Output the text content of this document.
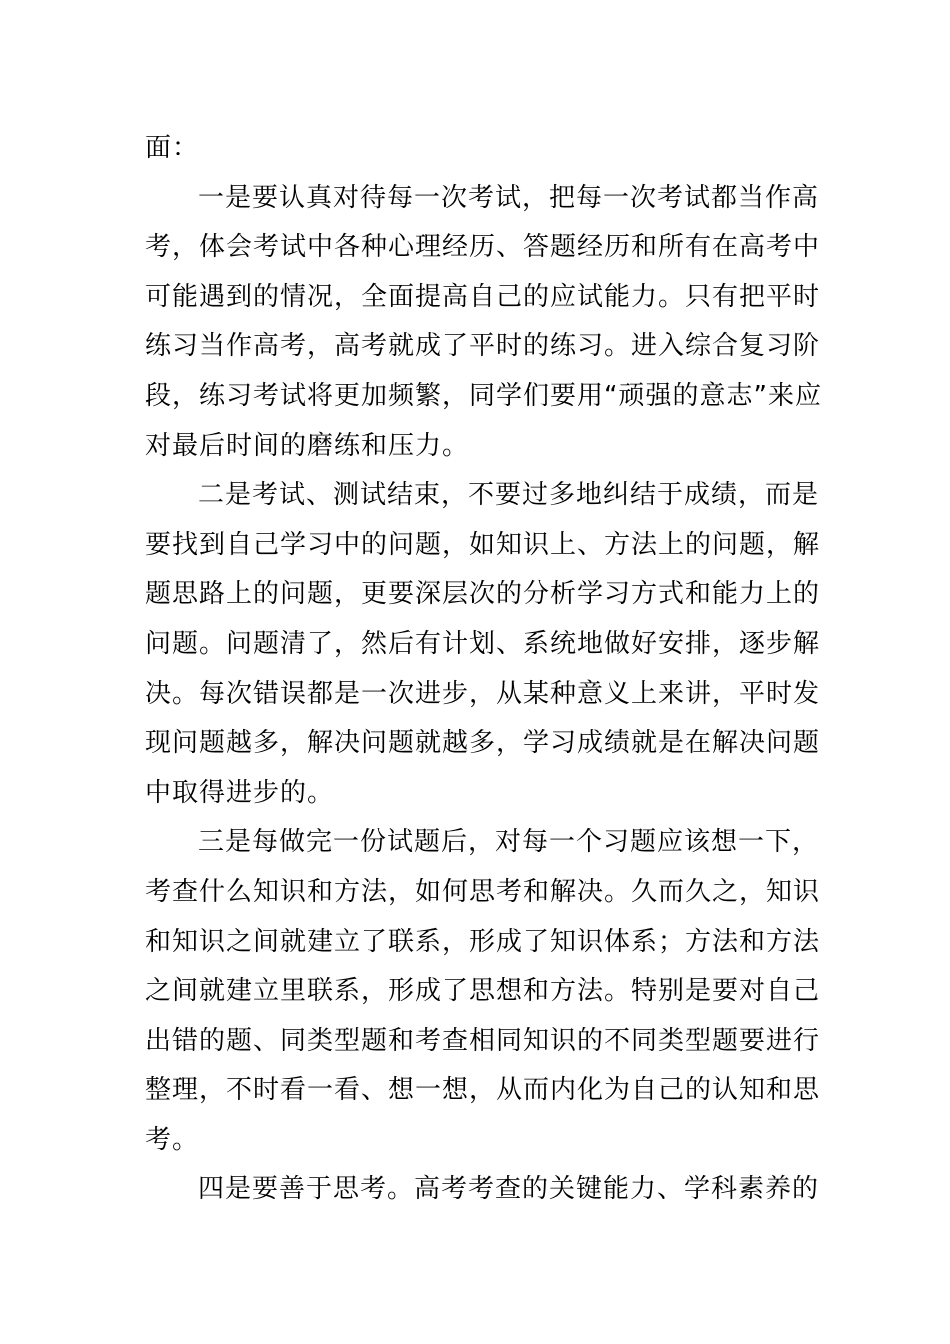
面：
一是要认真对待每一次考试，把每一次考试都当作高
考，体会考试中各种心理经历、答题经历和所有在高考中
可能遇到的情况，全面提高自己的应试能力。只有把平时
练习当作高考，高考就成了平时的练习。进入综合复习阶
段，练习考试将更加频繁，同学们要用“顽强的意志”来应
对最后时间的磨练和压力。
二是考试、测试结束，不要过多地纠结于成绩，而是
要找到自己学习中的问题，如知识上、方法上的问题，解
题思路上的问题，更要深层次的分析学习方式和能力上的
问题。问题清了，然后有计划、系统地做好安排，逐步解
决。每次错误都是一次进步，从某种意义上来讲，平时发
现问题越多，解决问题就越多，学习成绩就是在解决问题
中取得进步的。
三是每做完一份试题后，对每一个习题应该想一下，
考查什么知识和方法，如何思考和解决。久而久之，知识
和知识之间就建立了联系，形成了知识体系；方法和方法
之间就建立里联系，形成了思想和方法。特别是要对自己
出错的题、同类型题和考查相同知识的不同类型题要进行
整理，不时看一看、想一想，从而内化为自己的认知和思
考。
四是要善于思考。高考考查的关键能力、学科素养的
